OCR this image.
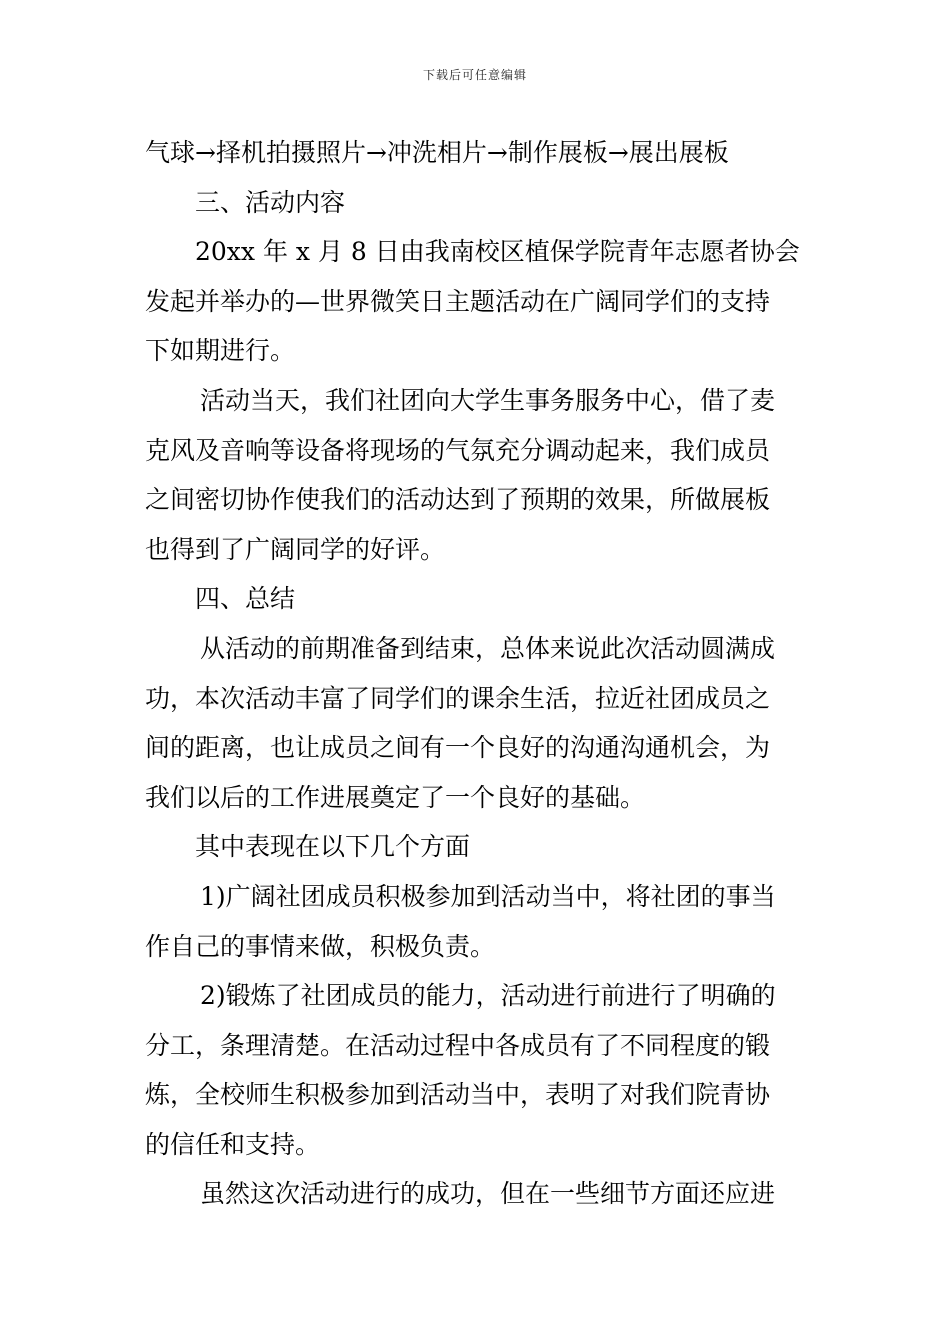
下载后可任意编辑
气球→择机拍摄照片→冲洗相片→制作展板→展出展板
三、活动内容
20xx 年 x 月 8 日由我南校区植保学院青年志愿者协会
发起并举办的—世界微笑日主题活动在广阔同学们的支持
下如期进行。
活动当天，我们社团向大学生事务服务中心，借了麦
克风及音响等设备将现场的气氛充分调动起来，我们成员
之间密切协作使我们的活动达到了预期的效果，所做展板
也得到了广阔同学的好评。
四、总结
从活动的前期准备到结束，总体来说此次活动圆满成
功，本次活动丰富了同学们的课余生活，拉近社团成员之
间的距离，也让成员之间有一个良好的沟通沟通机会，为
我们以后的工作进展奠定了一个良好的基础。
其中表现在以下几个方面
1)广阔社团成员积极参加到活动当中，将社团的事当
作自己的事情来做，积极负责。
2)锻炼了社团成员的能力，活动进行前进行了明确的
分工，条理清楚。在活动过程中各成员有了不同程度的锻
炼，全校师生积极参加到活动当中，表明了对我们院青协
的信任和支持。
虽然这次活动进行的成功，但在一些细节方面还应进
